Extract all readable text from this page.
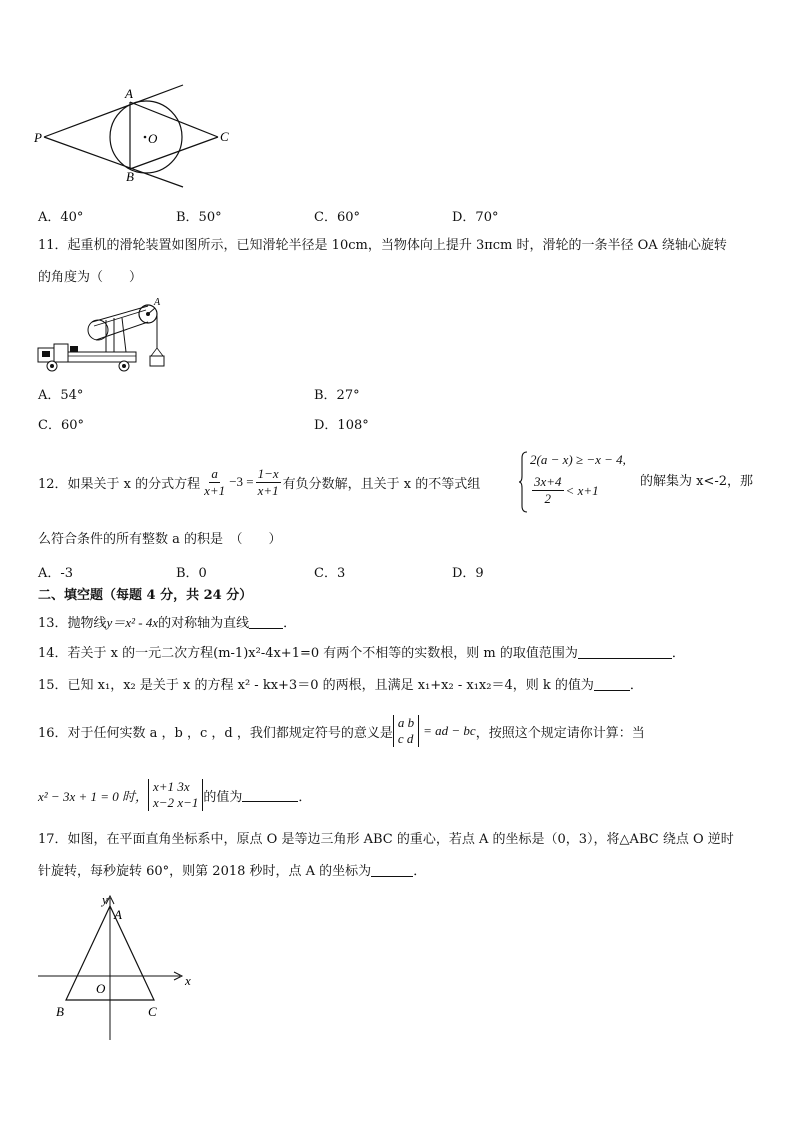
A
B
P	C
O
A．40°	B．50°	C．60°	D．70°
11．起重机的滑轮装置如图所示，已知滑轮半径是 10cm，当物体向上提升 3πcm 时，滑轮的一条半径 OA 绕轴心旋转
的角度为（　　）
A
A．54°	B．27°
C．60°	D．108°
12．如果关于 x 的分式方程 $\frac{a}{x+1} -3 = \frac{1-x}{x+1}$ 有负分数解，且关于 x 的不等式组
2(a − x) ≥ −x − 4,
$\frac{3x+4}{2} < x+1$
的解集为 x<-2，那
么符合条件的所有整数 a 的积是　（　　）
A．-3	B．0	C．3	D．9
二、填空题（每题 4 分，共 24 分）
13．抛物线y＝x² - 4x的对称轴为直线	．
14．若关于 x 的一元二次方程(m-1)x²-4x+1=0 有两个不相等的实数根，则 m 的取值范围为	．
15．已知 x₁，x₂ 是关于 x 的方程 x² - kx+3＝0 的两根，且满足 x₁+x₂ - x₁x₂＝4，则 k 的值为	．
16．对于任何实数 a ，b ，c ，d ，我们都规定符号的意义是
a b
c d
= ad − bc ，按照这个规定请你计算：当
x² − 3x + 1 = 0 时，
x+1 3x
x−2 x−1 的值为	．
17．如图，在平面直角坐标系中，原点 O 是等边三角形 ABC 的重心，若点 A 的坐标是（0，3），将△ABC 绕点 O 逆时
针旋转，每秒旋转 60°，则第 2018 秒时，点 A 的坐标为	．
y
x
A
O
B	C
